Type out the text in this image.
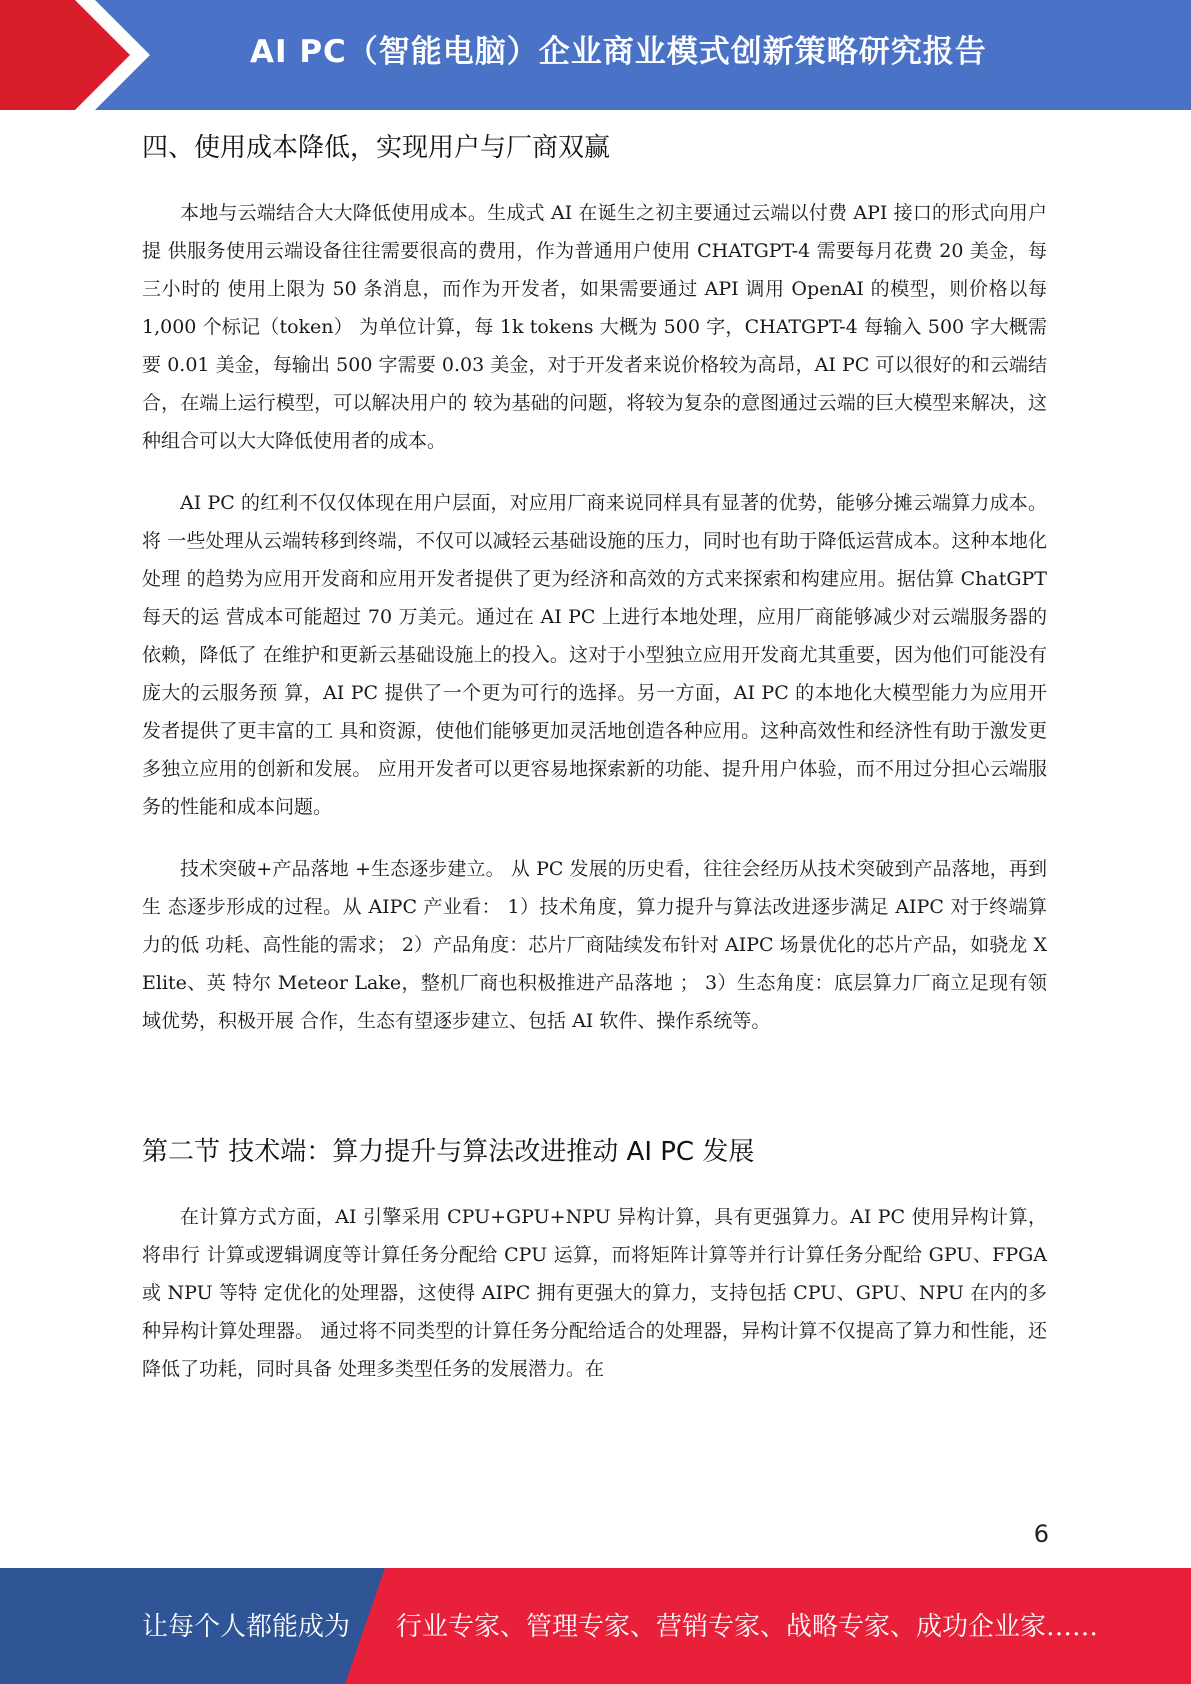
AI PC（智能电脑）企业商业模式创新策略研究报告
四、使用成本降低，实现用户与厂商双赢

本地与云端结合大大降低使用成本。生成式 AI 在诞生之初主要通过云端以付费 API 接口的形式向用户提 供服务使用云端设备往往需要很高的费用，作为普通用户使用 CHATGPT-4 需要每月花费 20 美金，每三小时的 使用上限为 50 条消息，而作为开发者，如果需要通过 API 调用 OpenAI 的模型，则价格以每 1,000 个标记（token） 为单位计算，每 1k tokens 大概为 500 字，CHATGPT-4 每输入 500 字大概需要 0.01 美金，每输出 500 字需要 0.03 美金，对于开发者来说价格较为高昂，AI PC 可以很好的和云端结合，在端上运行模型，可以解决用户的 较为基础的问题，将较为复杂的意图通过云端的巨大模型来解决，这种组合可以大大降低使用者的成本。

AI PC 的红利不仅仅体现在用户层面，对应用厂商来说同样具有显著的优势，能够分摊云端算力成本。将 一些处理从云端转移到终端，不仅可以减轻云基础设施的压力，同时也有助于降低运营成本。这种本地化处理 的趋势为应用开发商和应用开发者提供了更为经济和高效的方式来探索和构建应用。据估算 ChatGPT 每天的运 营成本可能超过 70 万美元。通过在 AI PC 上进行本地处理，应用厂商能够减少对云端服务器的依赖，降低了 在维护和更新云基础设施上的投入。这对于小型独立应用开发商尤其重要，因为他们可能没有庞大的云服务预 算，AI PC 提供了一个更为可行的选择。另一方面，AI PC 的本地化大模型能力为应用开发者提供了更丰富的工 具和资源，使他们能够更加灵活地创造各种应用。这种高效性和经济性有助于激发更多独立应用的创新和发展。 应用开发者可以更容易地探索新的功能、提升用户体验，而不用过分担心云端服务的性能和成本问题。

技术突破+产品落地 +生态逐步建立。 从 PC 发展的历史看，往往会经历从技术突破到产品落地，再到生 态逐步形成的过程。从 AIPC 产业看： 1）技术角度，算力提升与算法改进逐步满足 AIPC 对于终端算力的低 功耗、高性能的需求； 2）产品角度：芯片厂商陆续发布针对 AIPC 场景优化的芯片产品，如骁龙 X Elite、英 特尔 Meteor Lake，整机厂商也积极推进产品落地 ； 3）生态角度：底层算力厂商立足现有领域优势，积极开展 合作，生态有望逐步建立、包括 AI 软件、操作系统等。

第二节 技术端：算力提升与算法改进推动 AI PC 发展

在计算方式方面，AI 引擎采用 CPU+GPU+NPU 异构计算，具有更强算力。AI PC 使用异构计算，将串行 计算或逻辑调度等计算任务分配给 CPU 运算，而将矩阵计算等并行计算任务分配给 GPU、FPGA 或 NPU 等特 定优化的处理器，这使得 AIPC 拥有更强大的算力，支持包括 CPU、GPU、NPU 在内的多种异构计算处理器。 通过将不同类型的计算任务分配给适合的处理器，异构计算不仅提高了算力和性能，还降低了功耗，同时具备 处理多类型任务的发展潜力。在

6
让每个人都能成为 行业专家、管理专家、营销专家、战略专家、成功企业家……
